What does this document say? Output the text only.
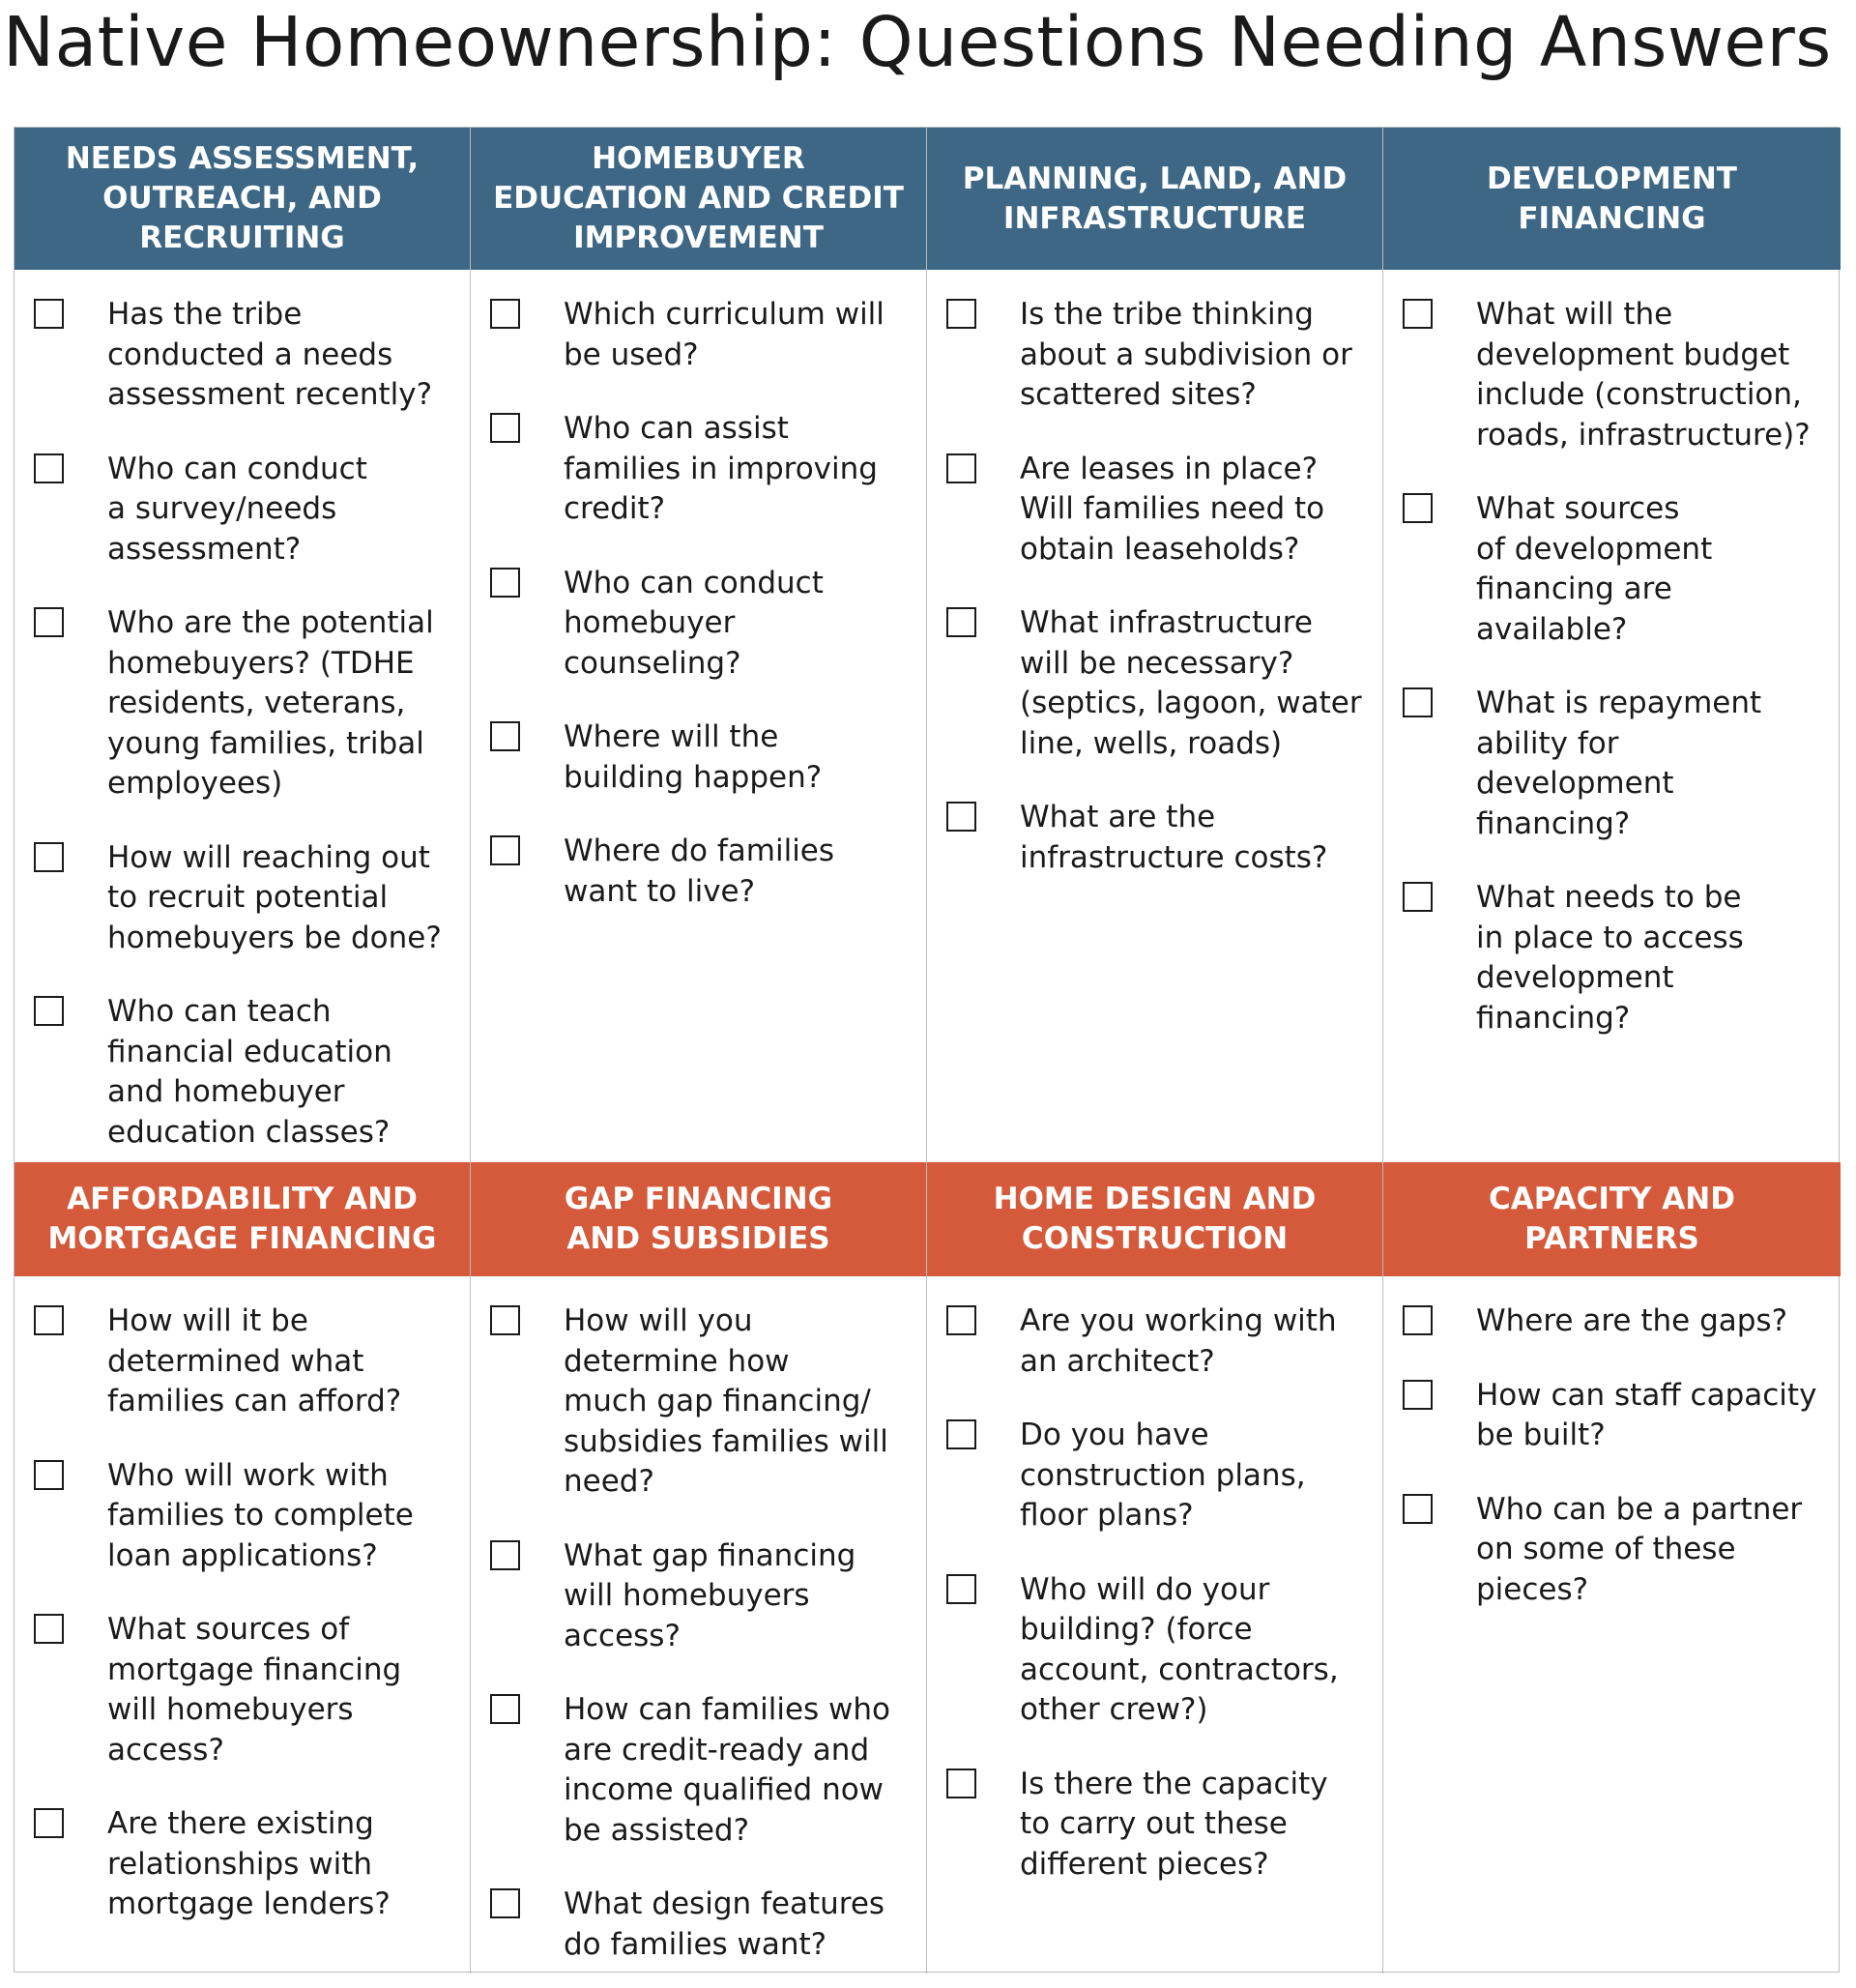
Native Homeownership: Questions Needing Answers
NEEDS ASSESSMENT,
OUTREACH, AND
RECRUITING
HOMEBUYER
EDUCATION AND CREDIT
IMPROVEMENT
PLANNING, LAND, AND
INFRASTRUCTURE
DEVELOPMENT
FINANCING
Has the tribe
conducted a needs
assessment recently?
Who can conduct
a survey/needs
assessment?
Who are the potential
homebuyers? (TDHE
residents, veterans,
young families, tribal
employees)
How will reaching out
to recruit potential
homebuyers be done?
Who can teach
financial education
and homebuyer
education classes?
Which curriculum will
be used?
Who can assist
families in improving
credit?
Who can conduct
homebuyer
counseling?
Where will the
building happen?
Where do families
want to live?
Is the tribe thinking
about a subdivision or
scattered sites?
Are leases in place?
Will families need to
obtain leaseholds?
What infrastructure
will be necessary?
(septics, lagoon, water
line, wells, roads)
What are the
infrastructure costs?
What will the
development budget
include (construction,
roads, infrastructure)?
What sources
of development
financing are
available?
What is repayment
ability for
development
financing?
What needs to be
in place to access
development
financing?
AFFORDABILITY AND
MORTGAGE FINANCING
GAP FINANCING
AND SUBSIDIES
HOME DESIGN AND
CONSTRUCTION
CAPACITY AND
PARTNERS
How will it be
determined what
families can afford?
Who will work with
families to complete
loan applications?
What sources of
mortgage financing
will homebuyers
access?
Are there existing
relationships with
mortgage lenders?
How will you
determine how
much gap financing/
subsidies families will
need?
What gap financing
will homebuyers
access?
How can families who
are credit-ready and
income qualified now
be assisted?
What design features
do families want?
Are you working with
an architect?
Do you have
construction plans,
floor plans?
Who will do your
building? (force
account, contractors,
other crew?)
Is there the capacity
to carry out these
different pieces?
Where are the gaps?
How can staff capacity
be built?
Who can be a partner
on some of these
pieces?
